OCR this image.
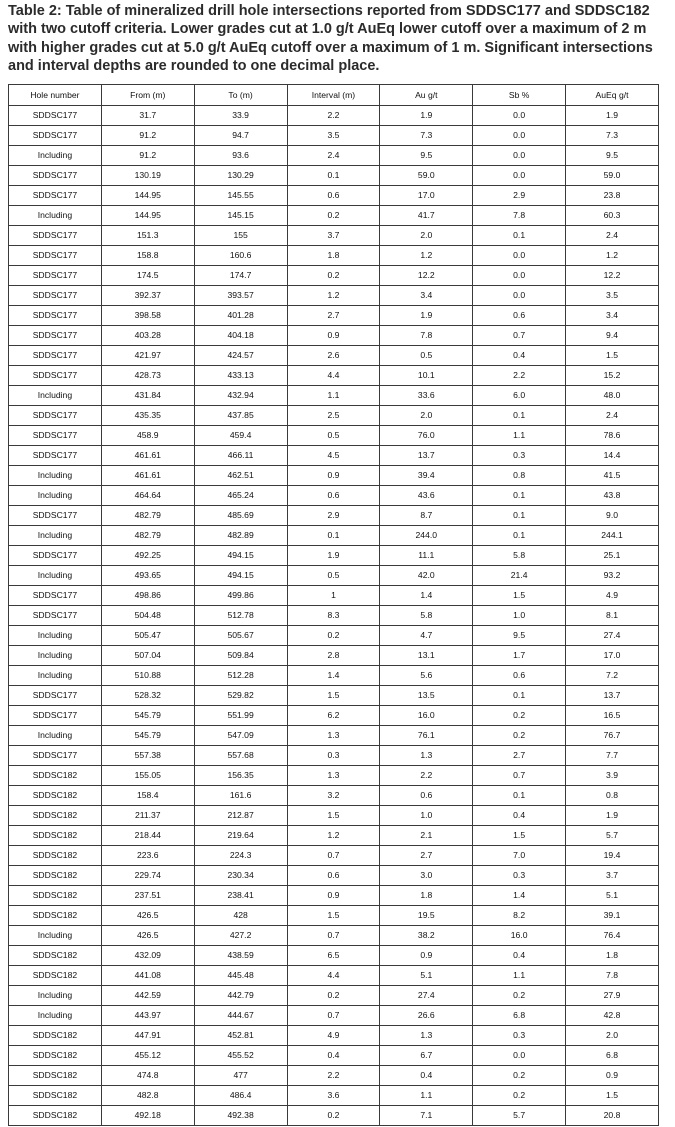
Table 2: Table of mineralized drill hole intersections reported from SDDSC177 and SDDSC182 with two cutoff criteria. Lower grades cut at 1.0 g/t AuEq lower cutoff over a maximum of 2 m with higher grades cut at 5.0 g/t AuEq cutoff over a maximum of 1 m. Significant intersections and interval depths are rounded to one decimal place.

Hole number	From (m)	To (m)	Interval (m)	Au g/t	Sb %	AuEq g/t
SDDSC177	31.7	33.9	2.2	1.9	0.0	1.9
SDDSC177	91.2	94.7	3.5	7.3	0.0	7.3
Including	91.2	93.6	2.4	9.5	0.0	9.5
SDDSC177	130.19	130.29	0.1	59.0	0.0	59.0
SDDSC177	144.95	145.55	0.6	17.0	2.9	23.8
Including	144.95	145.15	0.2	41.7	7.8	60.3
SDDSC177	151.3	155	3.7	2.0	0.1	2.4
SDDSC177	158.8	160.6	1.8	1.2	0.0	1.2
SDDSC177	174.5	174.7	0.2	12.2	0.0	12.2
SDDSC177	392.37	393.57	1.2	3.4	0.0	3.5
SDDSC177	398.58	401.28	2.7	1.9	0.6	3.4
SDDSC177	403.28	404.18	0.9	7.8	0.7	9.4
SDDSC177	421.97	424.57	2.6	0.5	0.4	1.5
SDDSC177	428.73	433.13	4.4	10.1	2.2	15.2
Including	431.84	432.94	1.1	33.6	6.0	48.0
SDDSC177	435.35	437.85	2.5	2.0	0.1	2.4
SDDSC177	458.9	459.4	0.5	76.0	1.1	78.6
SDDSC177	461.61	466.11	4.5	13.7	0.3	14.4
Including	461.61	462.51	0.9	39.4	0.8	41.5
Including	464.64	465.24	0.6	43.6	0.1	43.8
SDDSC177	482.79	485.69	2.9	8.7	0.1	9.0
Including	482.79	482.89	0.1	244.0	0.1	244.1
SDDSC177	492.25	494.15	1.9	11.1	5.8	25.1
Including	493.65	494.15	0.5	42.0	21.4	93.2
SDDSC177	498.86	499.86	1	1.4	1.5	4.9
SDDSC177	504.48	512.78	8.3	5.8	1.0	8.1
Including	505.47	505.67	0.2	4.7	9.5	27.4
Including	507.04	509.84	2.8	13.1	1.7	17.0
Including	510.88	512.28	1.4	5.6	0.6	7.2
SDDSC177	528.32	529.82	1.5	13.5	0.1	13.7
SDDSC177	545.79	551.99	6.2	16.0	0.2	16.5
Including	545.79	547.09	1.3	76.1	0.2	76.7
SDDSC177	557.38	557.68	0.3	1.3	2.7	7.7
SDDSC182	155.05	156.35	1.3	2.2	0.7	3.9
SDDSC182	158.4	161.6	3.2	0.6	0.1	0.8
SDDSC182	211.37	212.87	1.5	1.0	0.4	1.9
SDDSC182	218.44	219.64	1.2	2.1	1.5	5.7
SDDSC182	223.6	224.3	0.7	2.7	7.0	19.4
SDDSC182	229.74	230.34	0.6	3.0	0.3	3.7
SDDSC182	237.51	238.41	0.9	1.8	1.4	5.1
SDDSC182	426.5	428	1.5	19.5	8.2	39.1
Including	426.5	427.2	0.7	38.2	16.0	76.4
SDDSC182	432.09	438.59	6.5	0.9	0.4	1.8
SDDSC182	441.08	445.48	4.4	5.1	1.1	7.8
Including	442.59	442.79	0.2	27.4	0.2	27.9
Including	443.97	444.67	0.7	26.6	6.8	42.8
SDDSC182	447.91	452.81	4.9	1.3	0.3	2.0
SDDSC182	455.12	455.52	0.4	6.7	0.0	6.8
SDDSC182	474.8	477	2.2	0.4	0.2	0.9
SDDSC182	482.8	486.4	3.6	1.1	0.2	1.5
SDDSC182	492.18	492.38	0.2	7.1	5.7	20.8
